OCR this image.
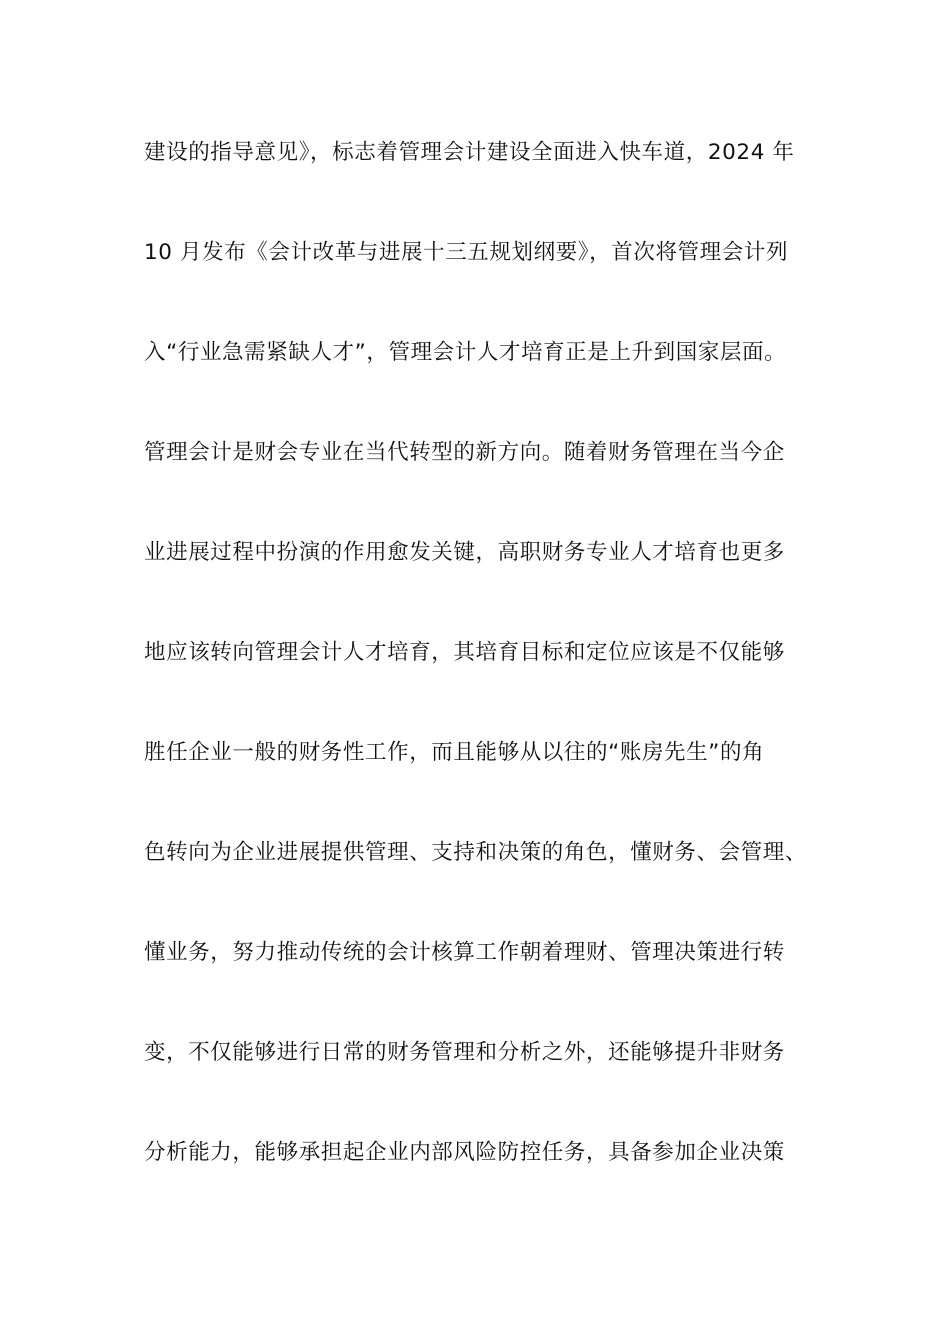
建设的指导意见》，标志着管理会计建设全面进入快车道，2024 年
10 月发布《会计改革与进展十三五规划纲要》，首次将管理会计列
入“行业急需紧缺人才”，管理会计人才培育正是上升到国家层面。
管理会计是财会专业在当代转型的新方向。随着财务管理在当今企
业进展过程中扮演的作用愈发关键，高职财务专业人才培育也更多
地应该转向管理会计人才培育，其培育目标和定位应该是不仅能够
胜任企业一般的财务性工作，而且能够从以往的“账房先生”的角
色转向为企业进展提供管理、支持和决策的角色，懂财务、会管理、
懂业务，努力推动传统的会计核算工作朝着理财、管理决策进行转
变，不仅能够进行日常的财务管理和分析之外，还能够提升非财务
分析能力，能够承担起企业内部风险防控任务，具备参加企业决策
